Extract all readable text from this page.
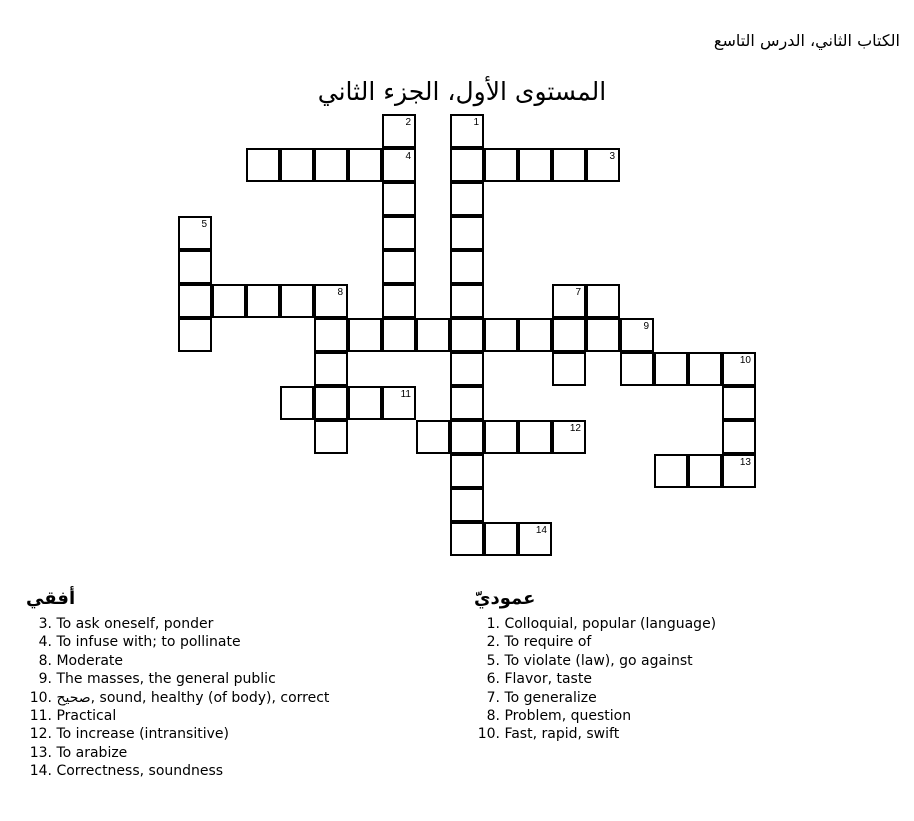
الكتاب الثاني، الدرس التاسع
المستوى الأول، الجزء الثاني
2	1
4	3
5
8	7
9
10
11
12
13
14
أفقي
3. To ask oneself, ponder
4. To infuse with; to pollinate
8. Moderate
9. The masses, the general public
10. صحيح, sound, healthy (of body), correct
11. Practical
12. To increase (intransitive)
13. To arabize
14. Correctness, soundness
عموديّ
1. Colloquial, popular (language)
2. To require of
5. To violate (law), go against
6. Flavor, taste
7. To generalize
8. Problem, question
10. Fast, rapid, swift
